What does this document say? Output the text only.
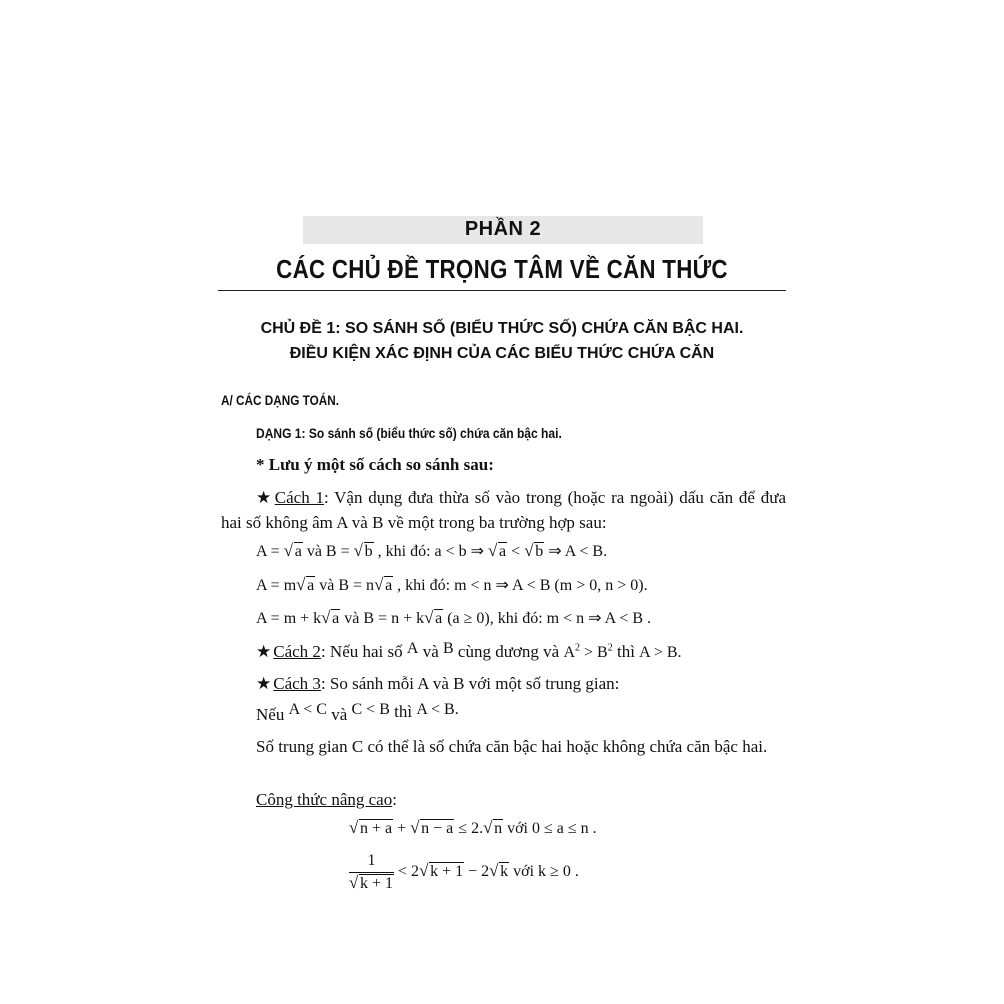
PHẦN 2
CÁC CHỦ ĐỀ TRỌNG TÂM VỀ CĂN THỨC
CHỦ ĐỀ 1: SO SÁNH SỐ (BIỂU THỨC SỐ) CHỨA CĂN BẬC HAI.
ĐIỀU KIỆN XÁC ĐỊNH CỦA CÁC BIỂU THỨC CHỨA CĂN
A/ CÁC DẠNG TOÁN.
DẠNG 1: So sánh số (biểu thức số) chứa căn bậc hai.
* Lưu ý một số cách so sánh sau:
★ Cách 1: Vận dụng đưa thừa số vào trong (hoặc ra ngoài) dấu căn để đưa hai số không âm A và B về một trong ba trường hợp sau:
A = √ a và B = √ b , khi đó: a < b ⇒ √ a < √ b ⇒ A < B.
A = m √ a và B = n √ a , khi đó: m < n ⇒ A < B (m > 0, n > 0).
A = m + k √ a và B = n + k √ a (a ≥ 0), khi đó: m < n ⇒ A < B .
★ Cách 2: Nếu hai số A và B cùng dương và $A^2 > B^2$ thì A > B.
★ Cách 3: So sánh mỗi A và B với một số trung gian:
Nếu A < C và C < B thì A < B.
Số trung gian C có thể là số chứa căn bậc hai hoặc không chứa căn bậc hai.
Công thức nâng cao:
√ n + a + √ n − a ≤ 2. √ n với 0 ≤ a ≤ n .
1
√ k + 1 < 2 √ k + 1 − 2 √ k với k ≥ 0 .
